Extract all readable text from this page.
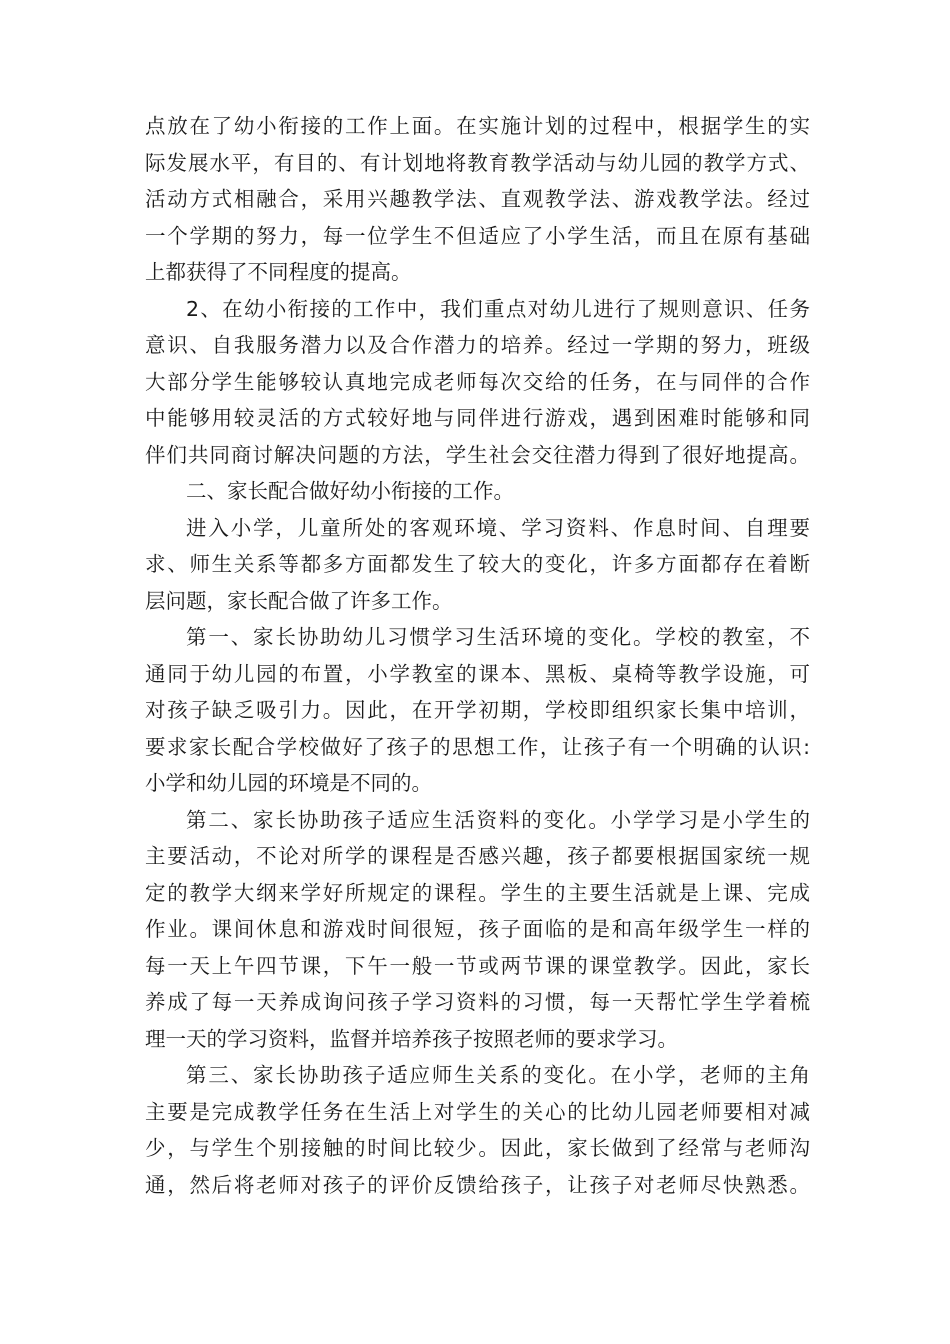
点放在了幼小衔接的工作上面。在实施计划的过程中，根据学生的实
际发展水平，有目的、有计划地将教育教学活动与幼儿园的教学方式、
活动方式相融合，采用兴趣教学法、直观教学法、游戏教学法。经过
一个学期的努力，每一位学生不但适应了小学生活，而且在原有基础
上都获得了不同程度的提高。
2、在幼小衔接的工作中，我们重点对幼儿进行了规则意识、任务
意识、自我服务潜力以及合作潜力的培养。经过一学期的努力，班级
大部分学生能够较认真地完成老师每次交给的任务，在与同伴的合作
中能够用较灵活的方式较好地与同伴进行游戏，遇到困难时能够和同
伴们共同商讨解决问题的方法，学生社会交往潜力得到了很好地提高。
二、家长配合做好幼小衔接的工作。
进入小学，儿童所处的客观环境、学习资料、作息时间、自理要
求、师生关系等都多方面都发生了较大的变化，许多方面都存在着断
层问题，家长配合做了许多工作。
第一、家长协助幼儿习惯学习生活环境的变化。学校的教室，不
通同于幼儿园的布置，小学教室的课本、黑板、桌椅等教学设施，可
对孩子缺乏吸引力。因此，在开学初期，学校即组织家长集中培训，
要求家长配合学校做好了孩子的思想工作，让孩子有一个明确的认识:
小学和幼儿园的环境是不同的。
第二、家长协助孩子适应生活资料的变化。小学学习是小学生的
主要活动，不论对所学的课程是否感兴趣，孩子都要根据国家统一规
定的教学大纲来学好所规定的课程。学生的主要生活就是上课、完成
作业。课间休息和游戏时间很短，孩子面临的是和高年级学生一样的
每一天上午四节课，下午一般一节或两节课的课堂教学。因此，家长
养成了每一天养成询问孩子学习资料的习惯，每一天帮忙学生学着梳
理一天的学习资料，监督并培养孩子按照老师的要求学习。
第三、家长协助孩子适应师生关系的变化。在小学，老师的主角
主要是完成教学任务在生活上对学生的关心的比幼儿园老师要相对减
少，与学生个别接触的时间比较少。因此，家长做到了经常与老师沟
通，然后将老师对孩子的评价反馈给孩子，让孩子对老师尽快熟悉。
